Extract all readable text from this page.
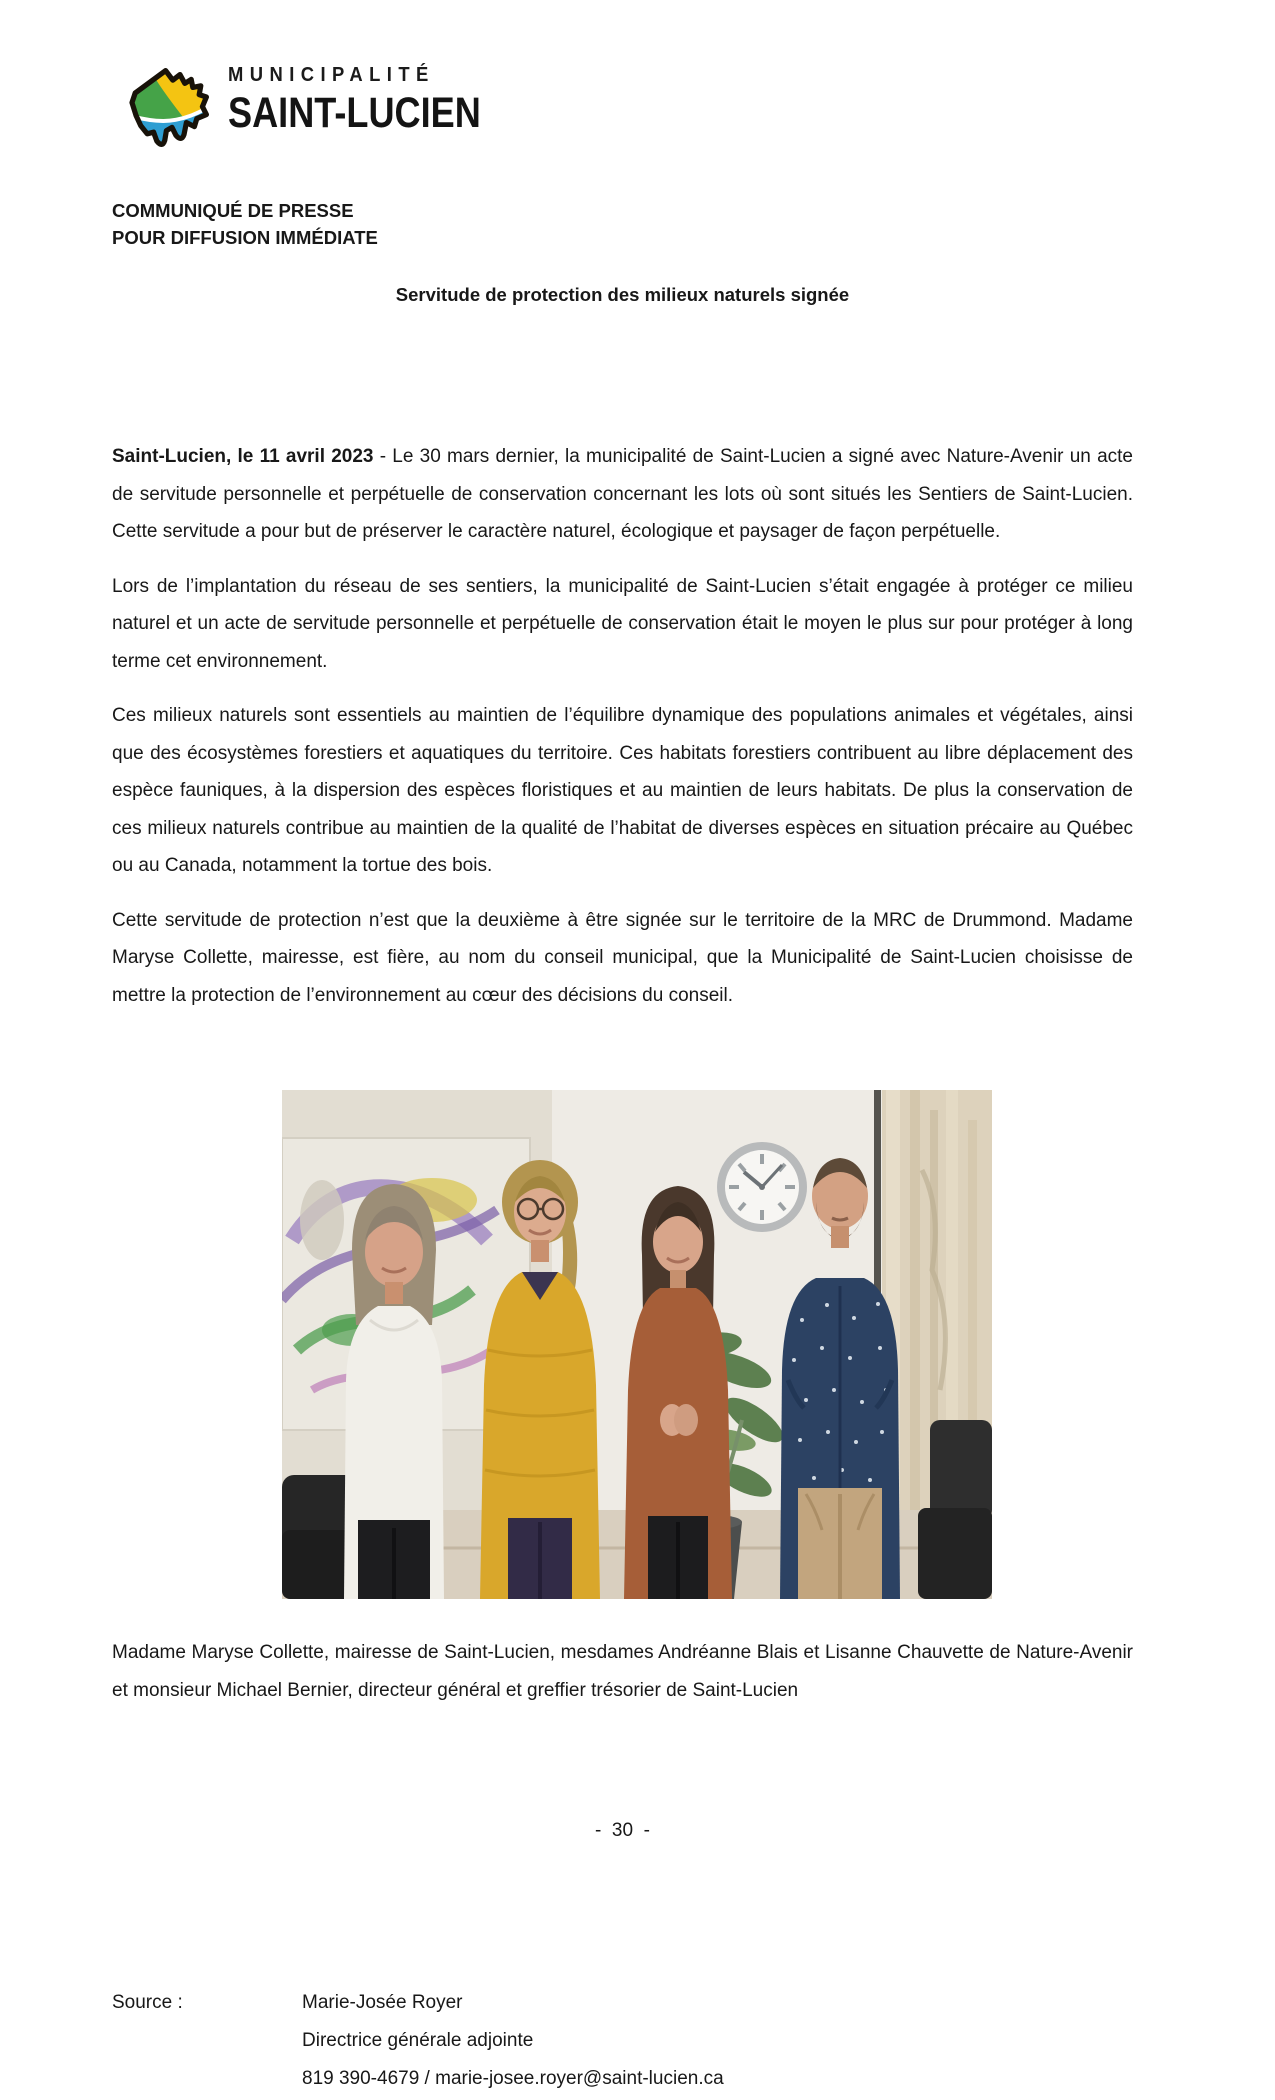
MUNICIPALITÉ
SAINT-LUCIEN
COMMUNIQUÉ DE PRESSE
POUR DIFFUSION IMMÉDIATE
Servitude de protection des milieux naturels signée

Saint-Lucien, le 11 avril 2023 - Le 30 mars dernier, la municipalité de Saint-Lucien a signé avec Nature-Avenir un acte de servitude personnelle et perpétuelle de conservation concernant les lots où sont situés les Sentiers de Saint-Lucien. Cette servitude a pour but de préserver le caractère naturel, écologique et paysager de façon perpétuelle.

Lors de l’implantation du réseau de ses sentiers, la municipalité de Saint-Lucien s’était engagée à protéger ce milieu naturel et un acte de servitude personnelle et perpétuelle de conservation était le moyen le plus sur pour protéger à long terme cet environnement.

Ces milieux naturels sont essentiels au maintien de l’équilibre dynamique des populations animales et végétales, ainsi que des écosystèmes forestiers et aquatiques du territoire. Ces habitats forestiers contribuent au libre déplacement des espèce fauniques, à la dispersion des espèces floristiques et au maintien de leurs habitats. De plus la conservation de ces milieux naturels contribue au maintien de la qualité de l’habitat de diverses espèces en situation précaire au Québec ou au Canada, notamment la tortue des bois.

Cette servitude de protection n’est que la deuxième à être signée sur le territoire de la MRC de Drummond. Madame Maryse Collette, mairesse, est fière, au nom du conseil municipal, que la Municipalité de Saint-Lucien choisisse de mettre la protection de l’environnement au cœur des décisions du conseil.

Madame Maryse Collette, mairesse de Saint-Lucien, mesdames Andréanne Blais et Lisanne Chauvette de Nature-Avenir et monsieur Michael Bernier, directeur général et greffier trésorier de Saint-Lucien
-  30  -
Source :	Marie-Josée Royer
Directrice générale adjointe
819 390-4679 / marie-josee.royer@saint-lucien.ca
